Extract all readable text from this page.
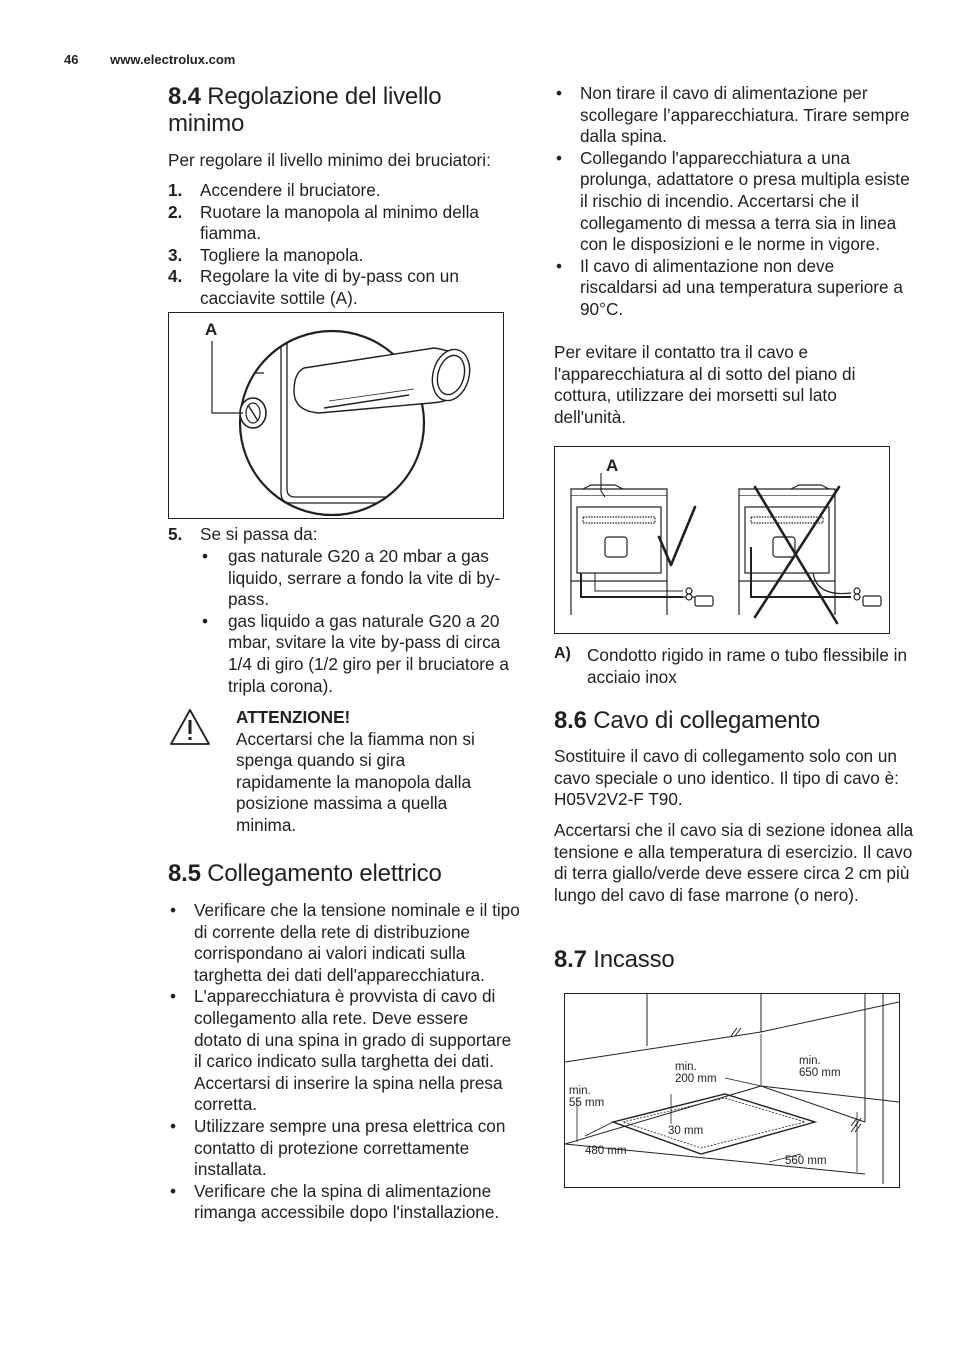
46 www.electrolux.com
8.4 Regolazione del livello minimo

Per regolare il livello minimo dei bruciatori:

1. Accendere il bruciatore.
2. Ruotare la manopola al minimo della fiamma.
3. Togliere la manopola.
4. Regolare la vite di by-pass con un cacciavite sottile (A).
A
5. Se si passa da:
• gas naturale G20 a 20 mbar a gas liquido, serrare a fondo la vite di by-pass.
• gas liquido a gas naturale G20 a 20 mbar, svitare la vite by-pass di circa 1/4 di giro (1/2 giro per il bruciatore a tripla corona).

ATTENZIONE!

Accertarsi che la fiamma non si spenga quando si gira rapidamente la manopola dalla posizione massima a quella minima.

8.5 Collegamento elettrico
• Verificare che la tensione nominale e il tipo di corrente della rete di distribuzione corrispondano ai valori indicati sulla targhetta dei dati dell'apparecchiatura.
• L'apparecchiatura è provvista di cavo di collegamento alla rete. Deve essere dotato di una spina in grado di supportare il carico indicato sulla targhetta dei dati. Accertarsi di inserire la spina nella presa corretta.
• Utilizzare sempre una presa elettrica con contatto di protezione correttamente installata.
• Verificare che la spina di alimentazione rimanga accessibile dopo l'installazione.
• Non tirare il cavo di alimentazione per scollegare l’apparecchiatura. Tirare sempre dalla spina.
• Collegando l'apparecchiatura a una prolunga, adattatore o presa multipla esiste il rischio di incendio. Accertarsi che il collegamento di messa a terra sia in linea con le disposizioni e le norme in vigore.
• Il cavo di alimentazione non deve riscaldarsi ad una temperatura superiore a 90°C.

Per evitare il contatto tra il cavo e l'apparecchiatura al di sotto del piano di cottura, utilizzare dei morsetti sul lato dell'unità.

A
A) Condotto rigido in rame o tubo flessibile in acciaio inox

8.6 Cavo di collegamento

Sostituire il cavo di collegamento solo con un cavo speciale o uno identico. Il tipo di cavo è: H05V2V2-F T90.

Accertarsi che il cavo sia di sezione idonea alla tensione e alla temperatura di esercizio. Il cavo di terra giallo/verde deve essere circa 2 cm più lungo del cavo di fase marrone (o nero).

8.7 Incasso
min.
200 mm
min.
650 mm
min.
55 mm
30 mm
480 mm
560 mm
